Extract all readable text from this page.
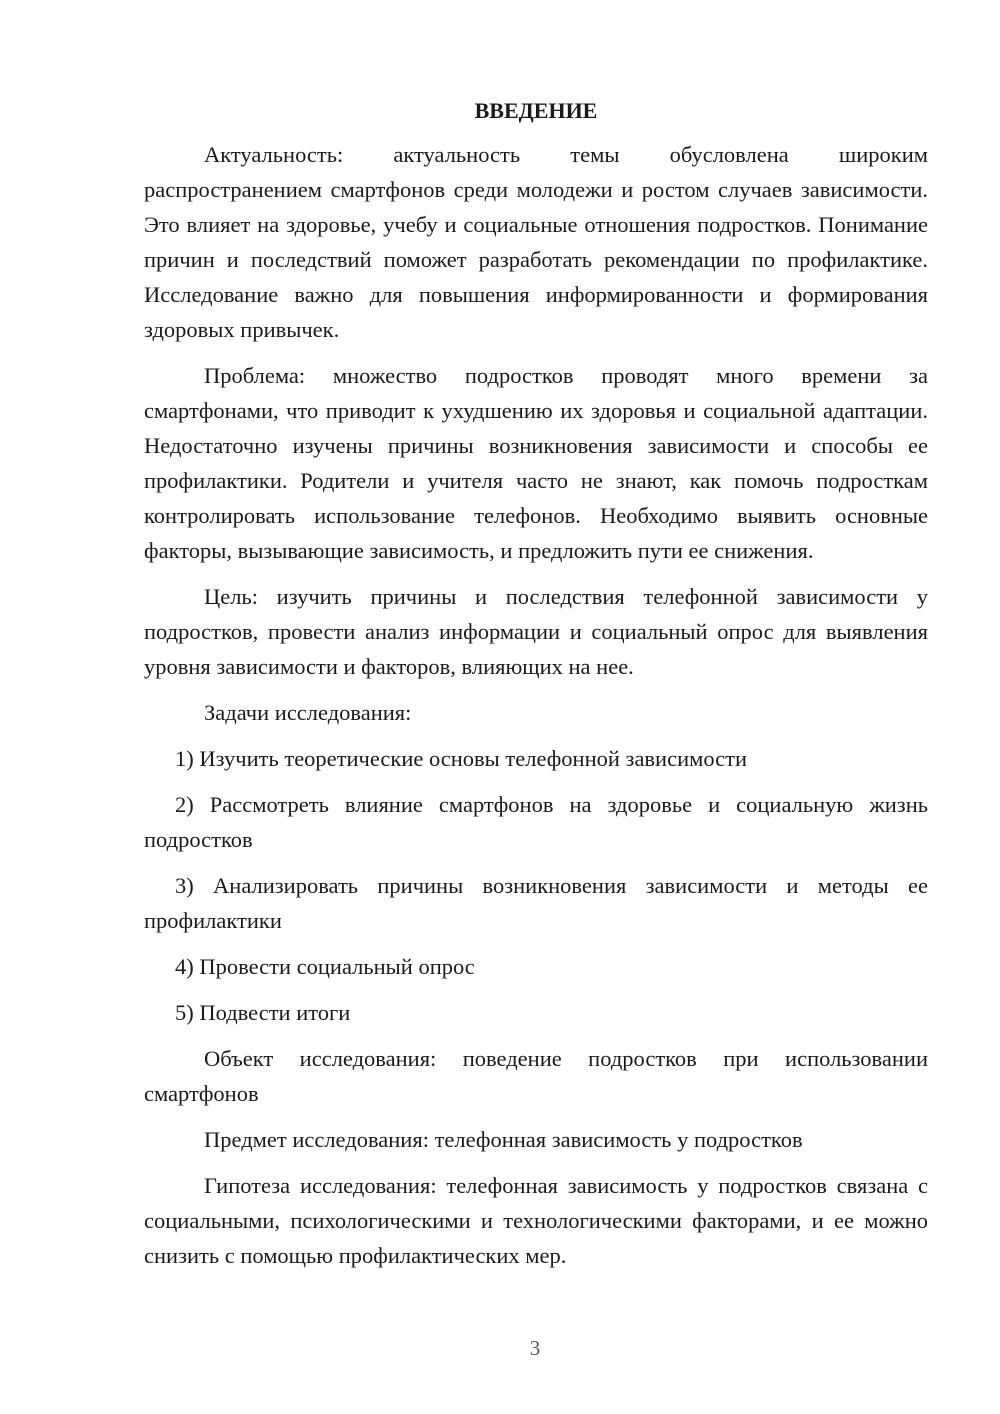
ВВЕДЕНИЕ

Актуальность: актуальность темы обусловлена широким распространением смартфонов среди молодежи и ростом случаев зависимости. Это влияет на здоровье, учебу и социальные отношения подростков. Понимание причин и последствий поможет разработать рекомендации по профилактике. Исследование важно для повышения информированности и формирования здоровых привычек.

Проблема: множество подростков проводят много времени за смартфонами, что приводит к ухудшению их здоровья и социальной адаптации. Недостаточно изучены причины возникновения зависимости и способы ее профилактики. Родители и учителя часто не знают, как помочь подросткам контролировать использование телефонов. Необходимо выявить основные факторы, вызывающие зависимость, и предложить пути ее снижения.

Цель: изучить причины и последствия телефонной зависимости у подростков, провести анализ информации и социальный опрос для выявления уровня зависимости и факторов, влияющих на нее.

Задачи исследования:

1) Изучить теоретические основы телефонной зависимости

2) Рассмотреть влияние смартфонов на здоровье и социальную жизнь подростков

3) Анализировать причины возникновения зависимости и методы ее профилактики

4) Провести социальный опрос

5) Подвести итоги

Объект исследования: поведение подростков при использовании смартфонов

Предмет исследования: телефонная зависимость у подростков

Гипотеза исследования: телефонная зависимость у подростков связана с социальными, психологическими и технологическими факторами, и ее можно снизить с помощью профилактических мер.

3
